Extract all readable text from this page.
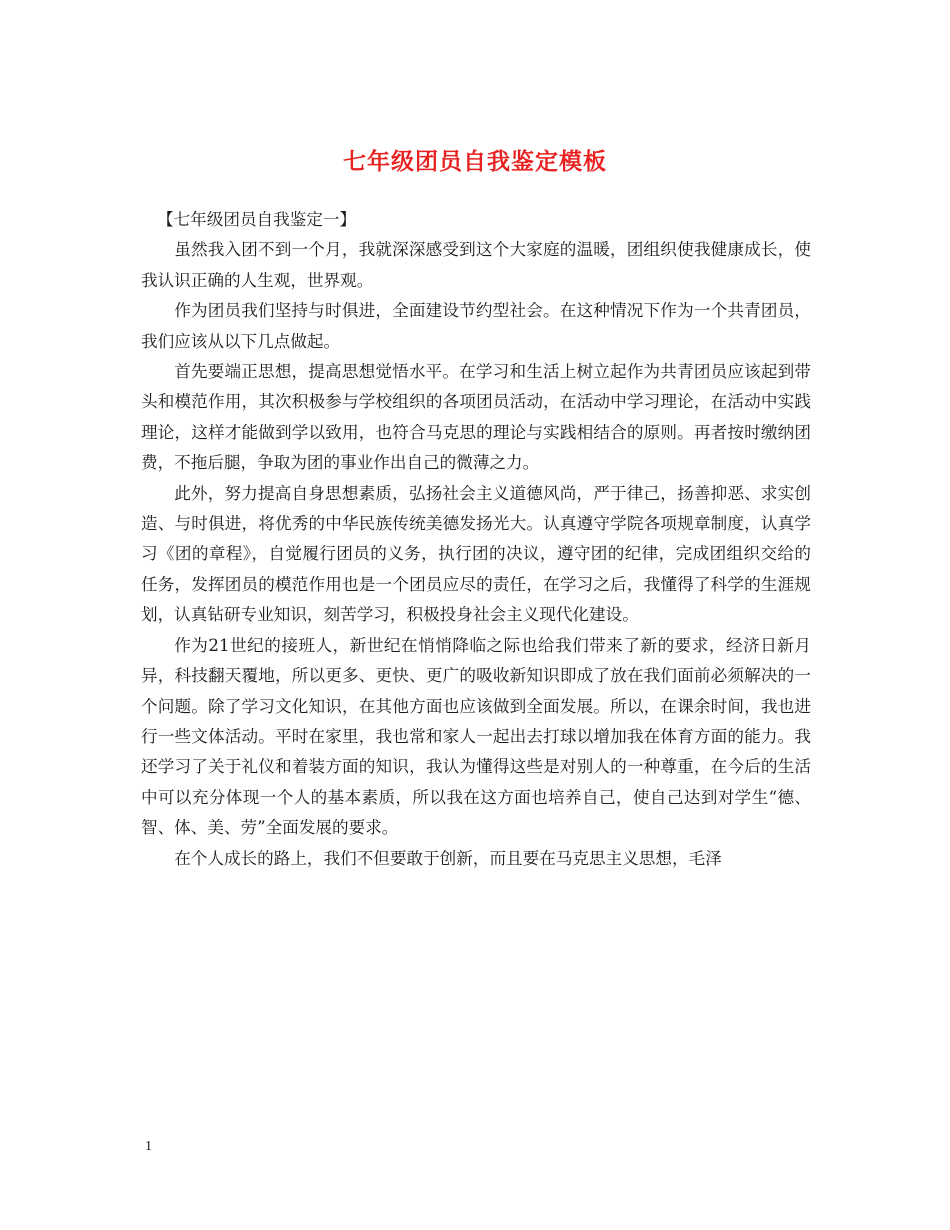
七年级团员自我鉴定模板

【七年级团员自我鉴定一】

虽然我入团不到一个月，我就深深感受到这个大家庭的温暖，团组织使我健康成长，使我认识正确的人生观，世界观。

作为团员我们坚持与时俱进，全面建设节约型社会。在这种情况下作为一个共青团员，我们应该从以下几点做起。

首先要端正思想，提高思想觉悟水平。在学习和生活上树立起作为共青团员应该起到带头和模范作用，其次积极参与学校组织的各项团员活动，在活动中学习理论，在活动中实践理论，这样才能做到学以致用，也符合马克思的理论与实践相结合的原则。再者按时缴纳团费，不拖后腿，争取为团的事业作出自己的微薄之力。

此外，努力提高自身思想素质，弘扬社会主义道德风尚，严于律己，扬善抑恶、求实创造、与时俱进，将优秀的中华民族传统美德发扬光大。认真遵守学院各项规章制度，认真学习《团的章程》，自觉履行团员的义务，执行团的决议，遵守团的纪律，完成团组织交给的任务，发挥团员的模范作用也是一个团员应尽的责任，在学习之后，我懂得了科学的生涯规划，认真钻研专业知识，刻苦学习，积极投身社会主义现代化建设。

作为21世纪的接班人，新世纪在悄悄降临之际也给我们带来了新的要求，经济日新月异，科技翻天覆地，所以更多、更快、更广的吸收新知识即成了放在我们面前必须解决的一个问题。除了学习文化知识，在其他方面也应该做到全面发展。所以，在课余时间，我也进行一些文体活动。平时在家里，我也常和家人一起出去打球以增加我在体育方面的能力。我还学习了关于礼仪和着装方面的知识，我认为懂得这些是对别人的一种尊重，在今后的生活中可以充分体现一个人的基本素质，所以我在这方面也培养自己，使自己达到对学生“德、智、体、美、劳”全面发展的要求。

在个人成长的路上，我们不但要敢于创新，而且要在马克思主义思想，毛泽

1
